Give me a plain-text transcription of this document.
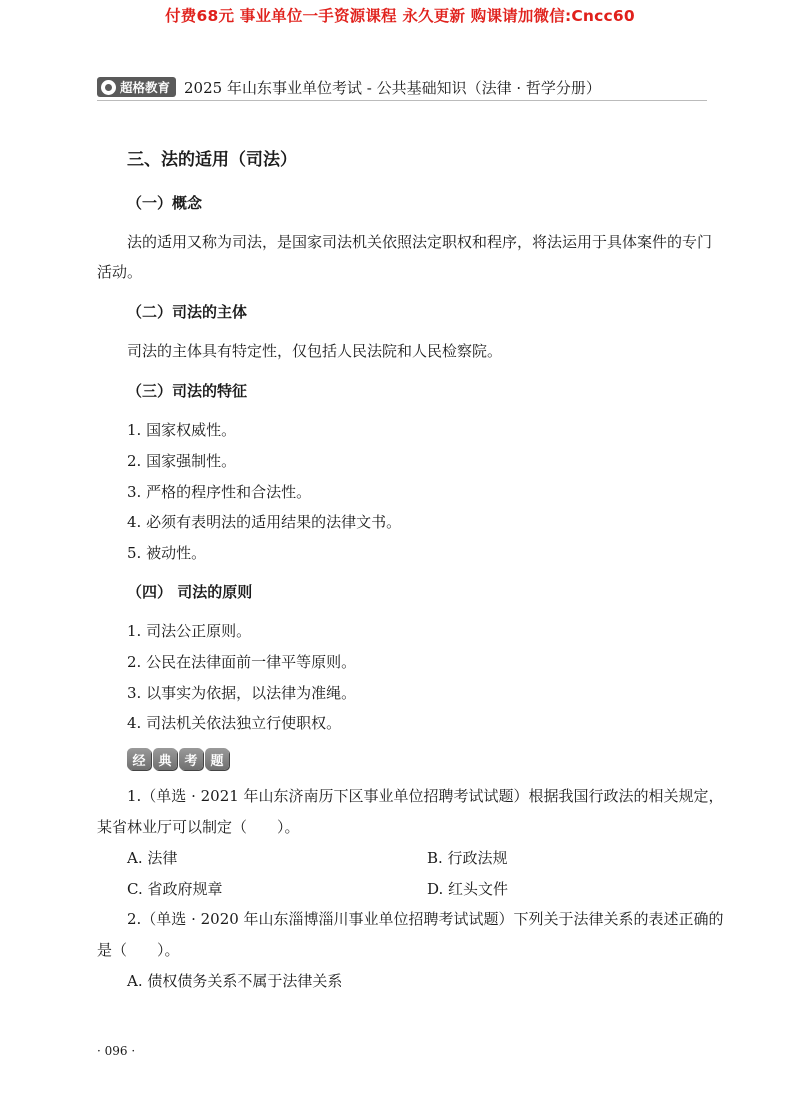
付费68元 事业单位一手资源课程 永久更新 购课请加微信:Cncc60
超格教育 2025 年山东事业单位考试 - 公共基础知识（法律 · 哲学分册）
三、法的适用（司法）
（一）概念
法的适用又称为司法，是国家司法机关依照法定职权和程序，将法运用于具体案件的专门
活动。
（二）司法的主体
司法的主体具有特定性，仅包括人民法院和人民检察院。
（三）司法的特征
1. 国家权威性。
2. 国家强制性。
3. 严格的程序性和合法性。
4. 必须有表明法的适用结果的法律文书。
5. 被动性。
（四） 司法的原则
1. 司法公正原则。
2. 公民在法律面前一律平等原则。
3. 以事实为依据，以法律为准绳。
4. 司法机关依法独立行使职权。
经 典 考 题
1.（单选 · 2021 年山东济南历下区事业单位招聘考试试题）根据我国行政法的相关规定，
某省林业厅可以制定（　　）。
A. 法律	B. 行政法规
C. 省政府规章	D. 红头文件
2.（单选 · 2020 年山东淄博淄川事业单位招聘考试试题）下列关于法律关系的表述正确的
是（　　）。
A. 债权债务关系不属于法律关系
· 096 ·
